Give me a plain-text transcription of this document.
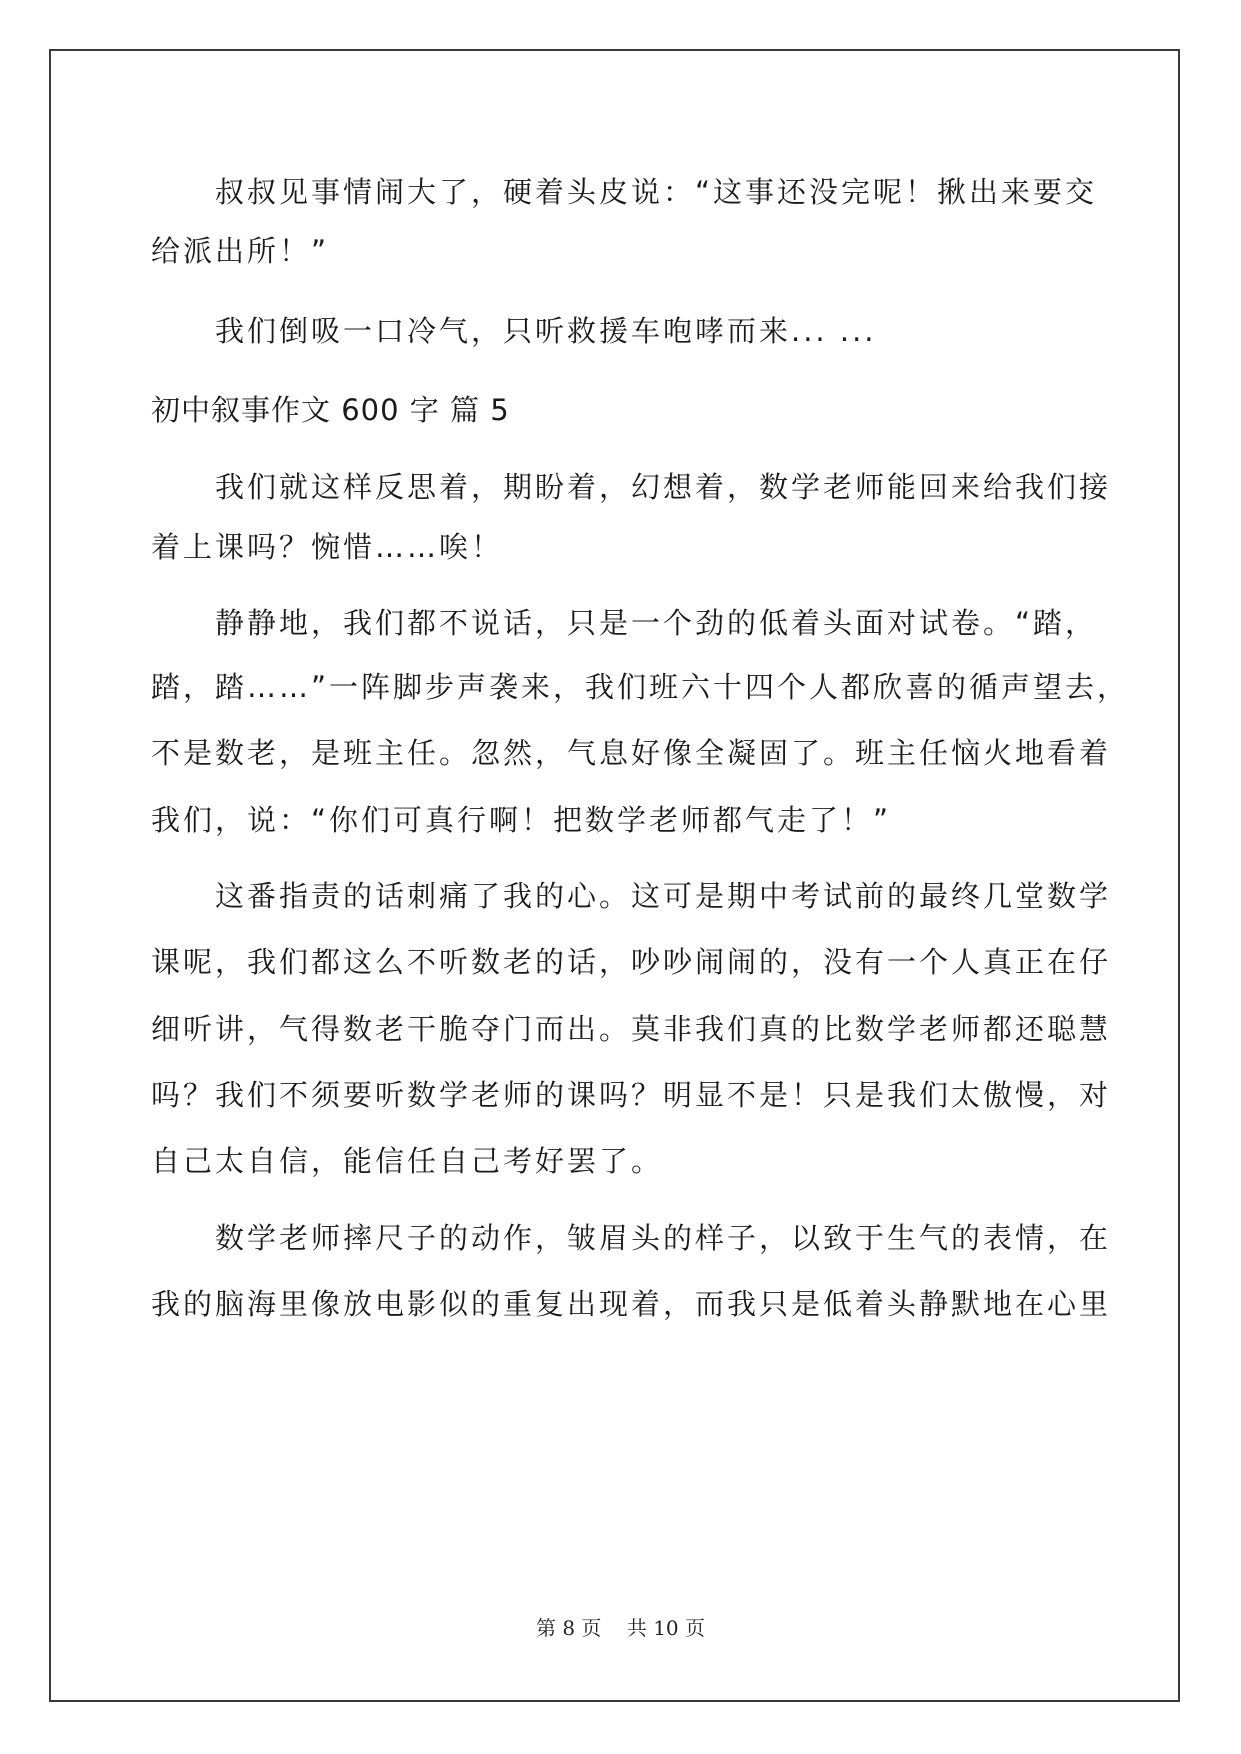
叔叔见事情闹大了，硬着头皮说：“这事还没完呢！揪出来要交
给派出所！”
我们倒吸一口冷气，只听救援车咆哮而来... ...
初中叙事作文 600 字 篇 5
我们就这样反思着，期盼着，幻想着，数学老师能回来给我们接
着上课吗？惋惜……唉！
静静地，我们都不说话，只是一个劲的低着头面对试卷。“踏，
踏，踏……”一阵脚步声袭来，我们班六十四个人都欣喜的循声望去，
不是数老，是班主任。忽然，气息好像全凝固了。班主任恼火地看着
我们，说：“你们可真行啊！把数学老师都气走了！”
这番指责的话刺痛了我的心。这可是期中考试前的最终几堂数学
课呢，我们都这么不听数老的话，吵吵闹闹的，没有一个人真正在仔
细听讲，气得数老干脆夺门而出。莫非我们真的比数学老师都还聪慧
吗？我们不须要听数学老师的课吗？明显不是！只是我们太傲慢，对
自己太自信，能信任自己考好罢了。
数学老师摔尺子的动作，皱眉头的样子，以致于生气的表情，在
我的脑海里像放电影似的重复出现着，而我只是低着头静默地在心里
第 8 页    共 10 页
